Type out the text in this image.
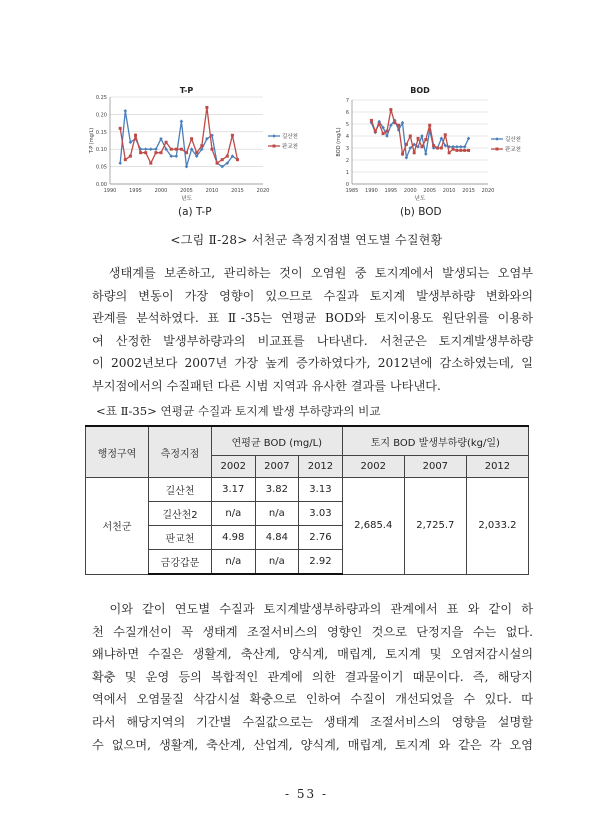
T-P
0.00
0.05
0.10
0.15
0.20
0.25
1990	1995	2000	2005	2010	2015	2020
년도
T-P (mg/L)	길산천
판교천
(a) T-P
BOD
0
1
2
3
4
5
6
7
1985 1990 1995 2000 2005 2010 2015 2020
년도
BOD (mg/L)	길산천
판교천
(b) BOD
<그림 Ⅱ-28> 서천군 측정지점별 연도별 수질현황
　생태계를 보존하고, 관리하는 것이 오염원 중 토지계에서 발생되는 오염부
하량의 변동이 가장 영향이 있으므로 수질과 토지계 발생부하량 변화와의
관계를 분석하였다. 표 Ⅱ-35는 연평균 BOD와 토지이용도 원단위를 이용하
여 산정한 발생부하량과의 비교표를 나타낸다. 서천군은 토지계발생부하량
이 2002년보다 2007년 가장 높게 증가하였다가, 2012년에 감소하였는데, 일
부지점에서의 수질패턴 다른 시범 지역과 유사한 결과를 나타낸다.
<표 Ⅱ-35> 연평균 수질과 토지계 발생 부하량과의 비교
행정구역	측정지점	연평균 BOD (mg/L)			토지 BOD 발생부하량(kg/일)		
		2002	2007	2012	2002	2007	2012
서천군	길산천	3.17	3.82	3.13	2,685.4	2,725.7	2,033.2
	길산천2	n/a	n/a	3.03			
	판교천	4.98	4.84	2.76			
	금강갑문	n/a	n/a	2.92			
　이와 같이 연도별 수질과 토지계발생부하량과의 관계에서 표 와 같이 하
천 수질개선이 꼭 생태계 조절서비스의 영향인 것으로 단정지을 수는 없다.
왜냐하면 수질은 생활계, 축산계, 양식계, 매립계, 토지계 및 오염저감시설의
확충 및 운영 등의 복합적인 관계에 의한 결과물이기 때문이다. 즉, 해당지
역에서 오염물질 삭감시설 확충으로 인하여 수질이 개선되었을 수 있다. 따
라서 해당지역의 기간별 수질값으로는 생태계 조절서비스의 영향을 설명할
수 없으며, 생활계, 축산계, 산업계, 양식계, 매립계, 토지계 와 같은 각 오염
- 53 -
